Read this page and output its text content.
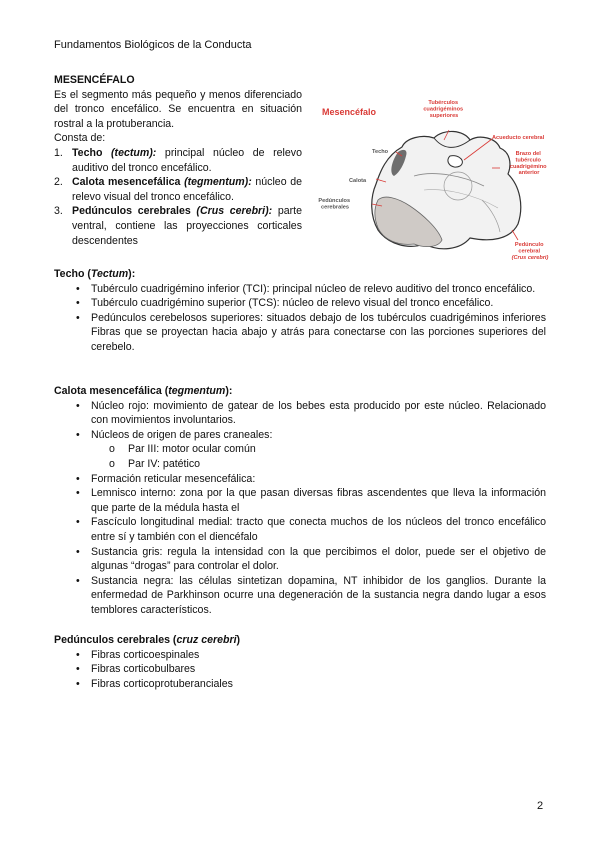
Fundamentos Biológicos de la Conducta
MESENCÉFALO

Es el segmento más pequeño y menos diferenciado del tronco encefálico. Se encuentra en situación rostral a la protuberancia.

Consta de:
1. Techo (tectum): principal núcleo de relevo auditivo del tronco encefálico.
2. Calota mesencefálica (tegmentum): núcleo de relevo visual del tronco encefálico.
3. Pedúnculos cerebrales (Crus cerebri): parte ventral, contiene las proyecciones corticales descendentes
Mesencéfalo
Tubérculos cuadrigéminos superiores
Acueducto cerebral
Techo	Brazo del tubérculo cuadrigémino anterior
Calota
Pedúnculos cerebrales
Pedúnculo cerebral (Crus cerebri)
Techo (Tectum):
• Tubérculo cuadrigémino inferior (TCI): principal núcleo de relevo auditivo del tronco encefálico.
• Tubérculo cuadrigémino superior (TCS): núcleo de relevo visual del tronco encefálico.
• Pedúnculos cerebelosos superiores: situados debajo de los tubérculos cuadrigéminos inferiores Fibras que se proyectan hacia abajo y atrás para conectarse con las porciones superiores del cerebelo.
Calota mesencefálica (tegmentum):
• Núcleo rojo: movimiento de gatear de los bebes esta producido por este núcleo. Relacionado con movimientos involuntarios.
• Núcleos de origen de pares craneales:
o Par III: motor ocular común
o Par IV: patético
• Formación reticular mesencefálica:
• Lemnisco interno: zona por la que pasan diversas fibras ascendentes que lleva la información que parte de la médula hasta el
• Fascículo longitudinal medial: tracto que conecta muchos de los núcleos del tronco encefálico entre sí y también con el diencéfalo
• Sustancia gris: regula la intensidad con la que percibimos el dolor, puede ser el objetivo de algunas “drogas” para controlar el dolor.
• Sustancia negra: las células sintetizan dopamina, NT inhibidor de los ganglios. Durante la enfermedad de Parkhinson ocurre una degeneración de la sustancia negra dando lugar a esos temblores característicos.
Pedúnculos cerebrales (cruz cerebri)
• Fibras corticoespinales
• Fibras corticobulbares
• Fibras corticoprotuberanciales
2
